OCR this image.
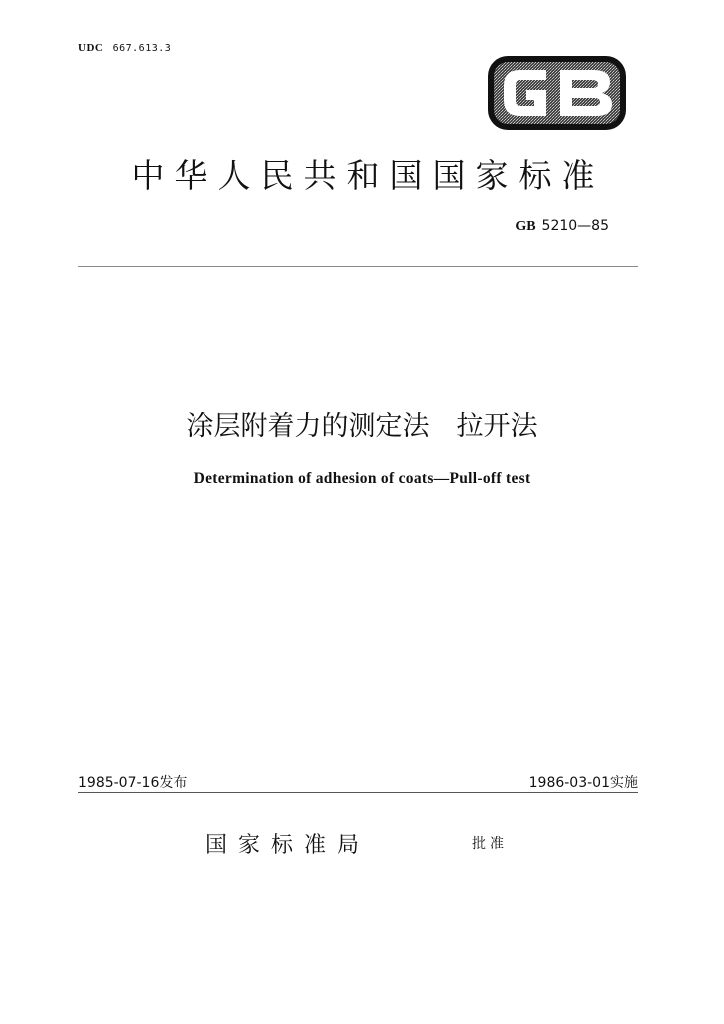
UDC 667.613.3
中华人民共和国国家标准
GB 5210—85
涂层附着力的测定法　拉开法
Determination of adhesion of coats—Pull-off test
1985-07-16发布	1986-03-01实施
国家标准局	批准
